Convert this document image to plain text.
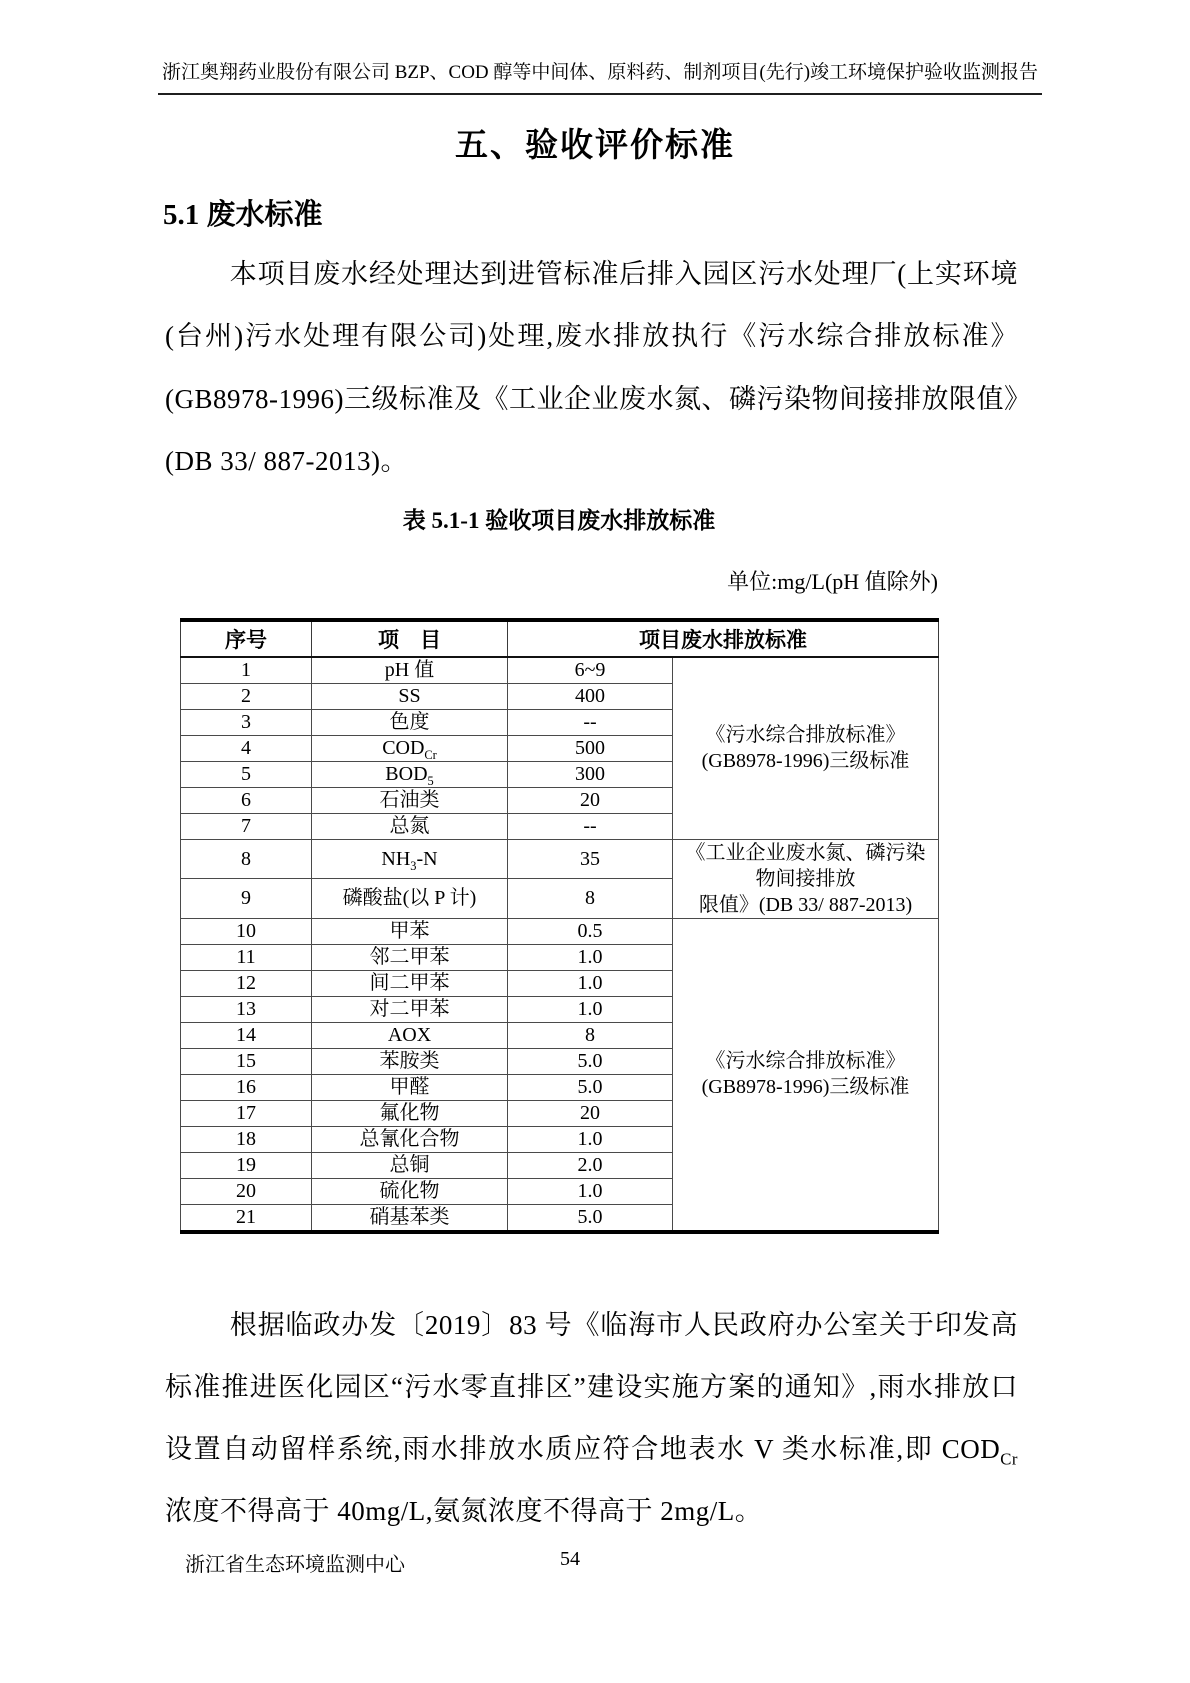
浙江奥翔药业股份有限公司 BZP、COD 醇等中间体、原料药、制剂项目(先行)竣工环境保护验收监测报告
五、验收评价标准
5.1 废水标准

本项目废水经处理达到进管标准后排入园区污水处理厂(上实环境(台州)污水处理有限公司)处理,废水排放执行《污水综合排放标准》(GB8978-1996)三级标准及《工业企业废水氮、磷污染物间接排放限值》(DB 33/ 887-2013)。

表 5.1-1 验收项目废水排放标准
单位:mg/L(pH 值除外)
序号	项　目	项目废水排放标准	
1	pH 值	6~9	《污水综合排放标准》
(GB8978-1996)三级标准
2	SS	400	
3	色度	--	
4	$COD_{Cr}$	500	
5	$BOD_5$	300	
6	石油类	20	
7	总氮	--	
8	$NH_3-N$	35	《工业企业废水氮、磷污染物间接排放
限值》(DB 33/ 887-2013)
9	磷酸盐(以 P 计)	8	
10	甲苯	0.5	《污水综合排放标准》
(GB8978-1996)三级标准
11	邻二甲苯	1.0	
12	间二甲苯	1.0	
13	对二甲苯	1.0	
14	AOX	8	
15	苯胺类	5.0	
16	甲醛	5.0	
17	氟化物	20	
18	总氰化合物	1.0	
19	总铜	2.0	
20	硫化物	1.0	
21	硝基苯类	5.0	

根据临政办发〔2019〕83 号《临海市人民政府办公室关于印发高标准推进医化园区“污水零直排区”建设实施方案的通知》,雨水排放口设置自动留样系统,雨水排放水质应符合地表水 V 类水标准,即 $COD_{Cr}$ 浓度不得高于 40mg/L,氨氮浓度不得高于 2mg/L。

浙江省生态环境监测中心	54
